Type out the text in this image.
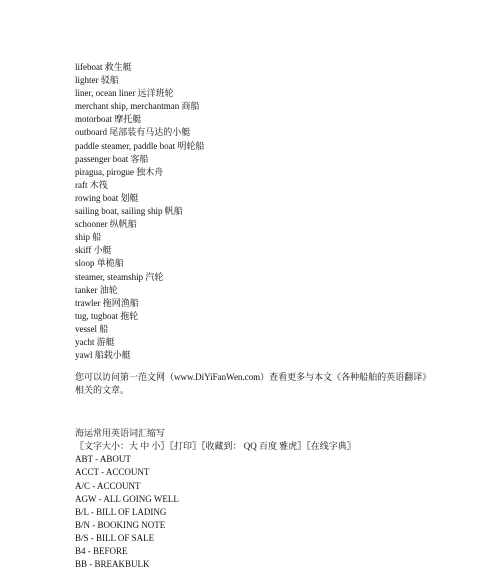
lifeboat 救生艇
lighter 驳船
liner, ocean liner 远洋班轮
merchant ship, merchantman 商船
motorboat 摩托艇
outboard 尾部装有马达的小艇
paddle steamer, paddle boat 明轮船
passenger boat 客船
piragua, pirogue 独木舟
raft 木筏
rowing boat 划艇
sailing boat, sailing ship 帆船
schooner 纵帆船
ship 船
skiff 小艇
sloop 单桅船
steamer, steamship 汽轮
tanker 油轮
trawler 拖网渔船
tug, tugboat 拖轮
vessel 船
yacht 游艇
yawl 船载小艇
您可以访问第一范文网（www.DiYiFanWen.com）查看更多与本文《各种船舶的英语翻译》
相关的文章。
海运常用英语词汇缩写
〖文字大小：大 中 小〗〖打印〗〖收藏到： QQ 百度 雅虎〗〖在线字典〗
ABT - ABOUT
ACCT - ACCOUNT
A/C - ACCOUNT
AGW - ALL GOING WELL
B/L - BILL OF LADING
B/N - BOOKING NOTE
B/S - BILL OF SALE
B4 - BEFORE
BB - BREAKBULK
